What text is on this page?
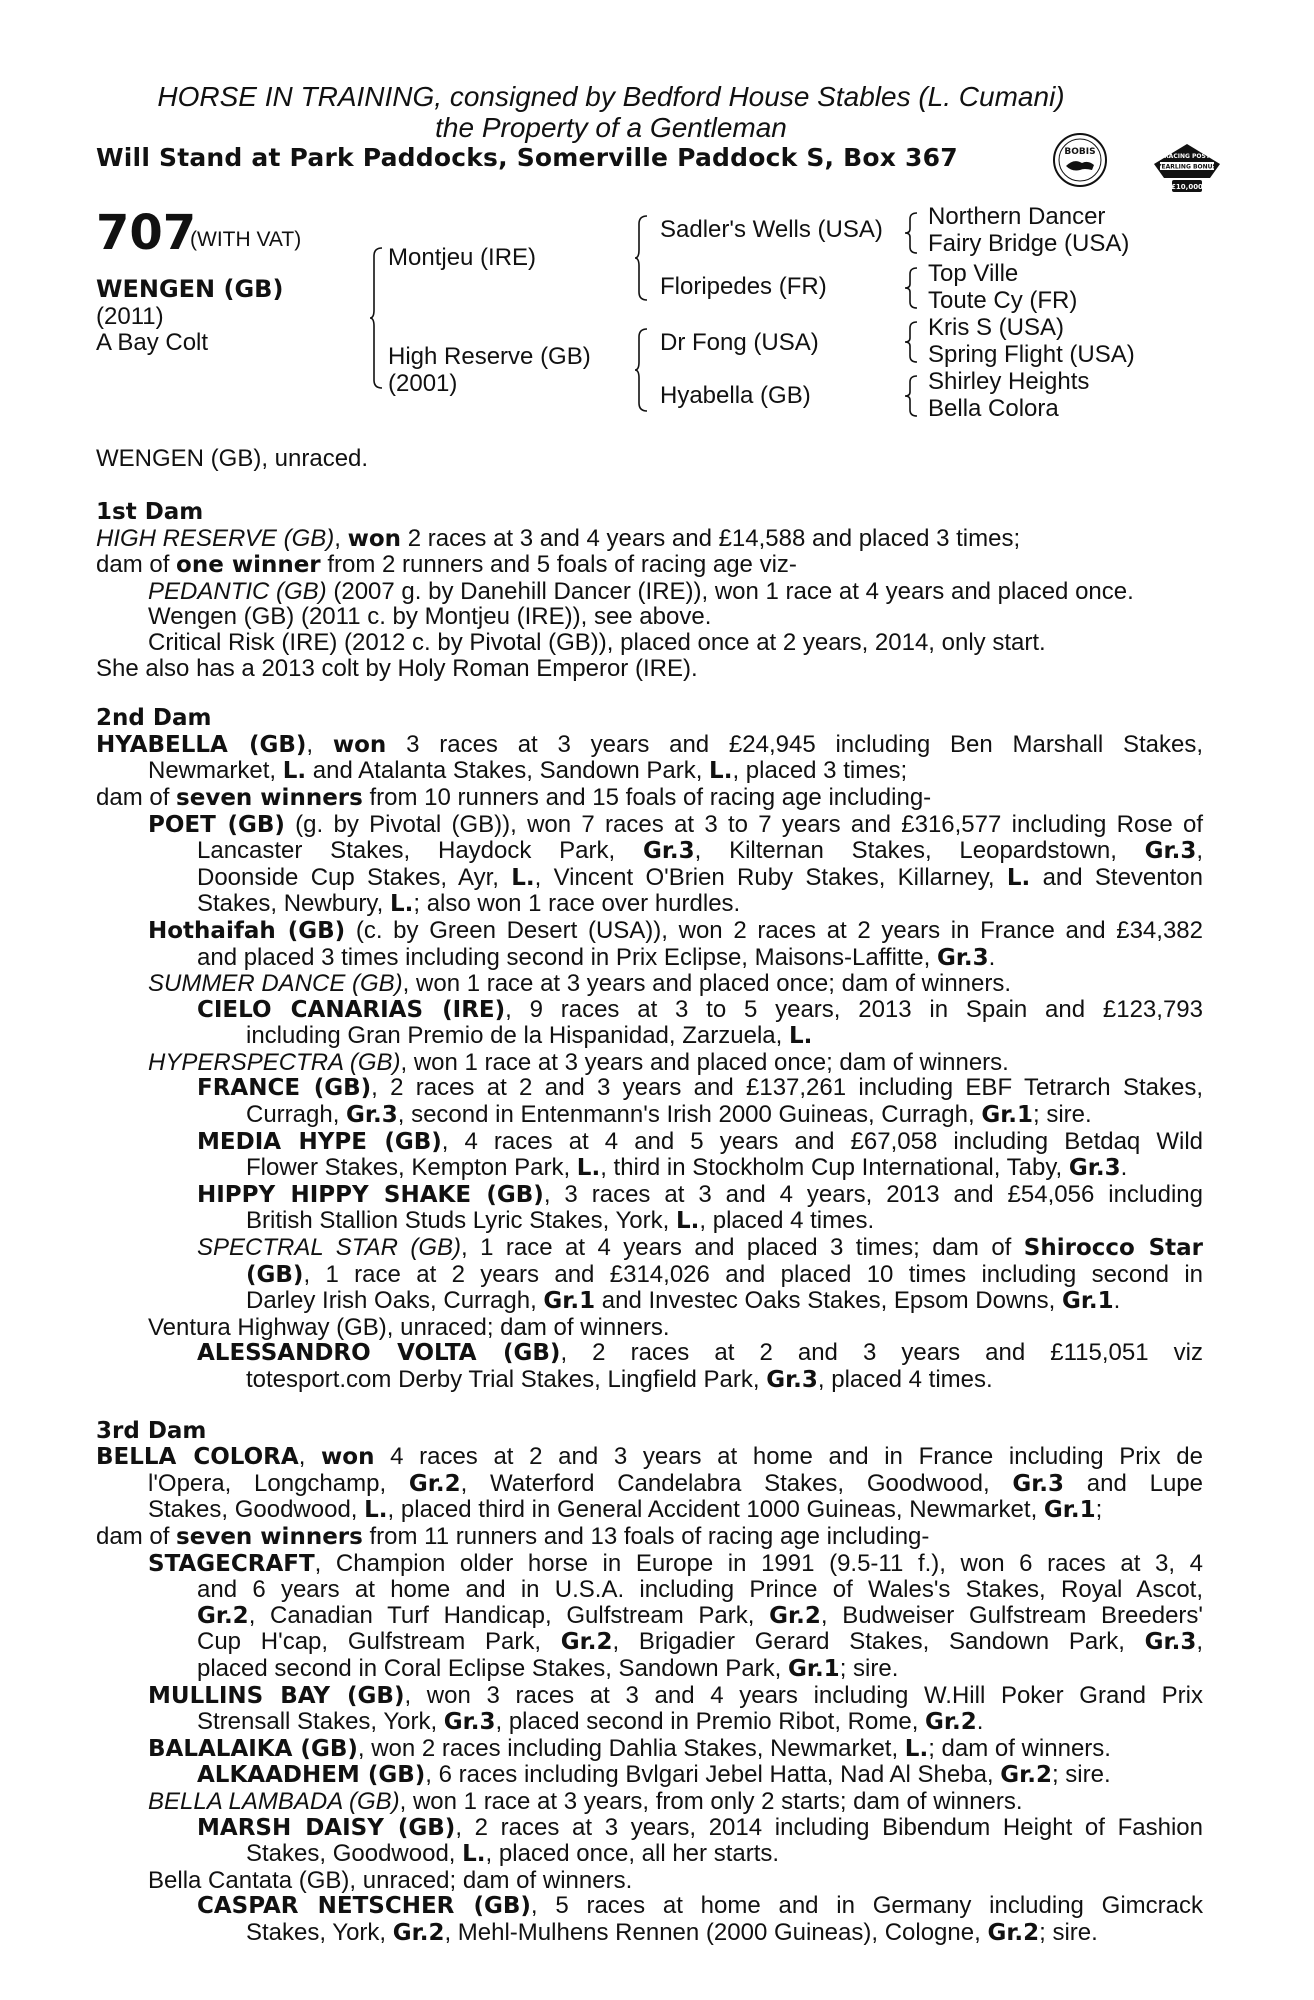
HORSE IN TRAINING, consigned by Bedford House Stables (L. Cumani)
the Property of a Gentleman
Will Stand at Park Paddocks, Somerville Paddock S, Box 367	BOBIS	RACING POST
YEARLING BONUS
£10,000
707
(WITH VAT)
WENGEN (GB)
(2011)
A Bay Colt
Montjeu (IRE)
High Reserve (GB)
(2001)
Sadler's Wells (USA)
Floripedes (FR)
Dr Fong (USA)
Hyabella (GB)
Northern Dancer
Fairy Bridge (USA)
Top Ville
Toute Cy (FR)
Kris S (USA)
Spring Flight (USA)
Shirley Heights
Bella Colora
WENGEN (GB), unraced.
1st Dam
HIGH RESERVE (GB), won 2 races at 3 and 4 years and £14,588 and placed 3 times;
dam of one winner from 2 runners and 5 foals of racing age viz-
PEDANTIC (GB) (2007 g. by Danehill Dancer (IRE)), won 1 race at 4 years and placed once.
Wengen (GB) (2011 c. by Montjeu (IRE)), see above.
Critical Risk (IRE) (2012 c. by Pivotal (GB)), placed once at 2 years, 2014, only start.
She also has a 2013 colt by Holy Roman Emperor (IRE).
2nd Dam
HYABELLA (GB), won 3 races at 3 years and £24,945 including Ben Marshall Stakes,
Newmarket, L. and Atalanta Stakes, Sandown Park, L., placed 3 times;
dam of seven winners from 10 runners and 15 foals of racing age including-
POET (GB) (g. by Pivotal (GB)), won 7 races at 3 to 7 years and £316,577 including Rose of
Lancaster Stakes, Haydock Park, Gr.3, Kilternan Stakes, Leopardstown, Gr.3,
Doonside Cup Stakes, Ayr, L., Vincent O'Brien Ruby Stakes, Killarney, L. and Steventon
Stakes, Newbury, L.; also won 1 race over hurdles.
Hothaifah (GB) (c. by Green Desert (USA)), won 2 races at 2 years in France and £34,382
and placed 3 times including second in Prix Eclipse, Maisons-Laffitte, Gr.3.
SUMMER DANCE (GB), won 1 race at 3 years and placed once; dam of winners.
CIELO CANARIAS (IRE), 9 races at 3 to 5 years, 2013 in Spain and £123,793
including Gran Premio de la Hispanidad, Zarzuela, L.
HYPERSPECTRA (GB), won 1 race at 3 years and placed once; dam of winners.
FRANCE (GB), 2 races at 2 and 3 years and £137,261 including EBF Tetrarch Stakes,
Curragh, Gr.3, second in Entenmann's Irish 2000 Guineas, Curragh, Gr.1; sire.
MEDIA HYPE (GB), 4 races at 4 and 5 years and £67,058 including Betdaq Wild
Flower Stakes, Kempton Park, L., third in Stockholm Cup International, Taby, Gr.3.
HIPPY HIPPY SHAKE (GB), 3 races at 3 and 4 years, 2013 and £54,056 including
British Stallion Studs Lyric Stakes, York, L., placed 4 times.
SPECTRAL STAR (GB), 1 race at 4 years and placed 3 times; dam of Shirocco Star
(GB), 1 race at 2 years and £314,026 and placed 10 times including second in
Darley Irish Oaks, Curragh, Gr.1 and Investec Oaks Stakes, Epsom Downs, Gr.1.
Ventura Highway (GB), unraced; dam of winners.
ALESSANDRO VOLTA (GB), 2 races at 2 and 3 years and £115,051 viz
totesport.com Derby Trial Stakes, Lingfield Park, Gr.3, placed 4 times.
3rd Dam
BELLA COLORA, won 4 races at 2 and 3 years at home and in France including Prix de
l'Opera, Longchamp, Gr.2, Waterford Candelabra Stakes, Goodwood, Gr.3 and Lupe
Stakes, Goodwood, L., placed third in General Accident 1000 Guineas, Newmarket, Gr.1;
dam of seven winners from 11 runners and 13 foals of racing age including-
STAGECRAFT, Champion older horse in Europe in 1991 (9.5-11 f.), won 6 races at 3, 4
and 6 years at home and in U.S.A. including Prince of Wales's Stakes, Royal Ascot,
Gr.2, Canadian Turf Handicap, Gulfstream Park, Gr.2, Budweiser Gulfstream Breeders'
Cup H'cap, Gulfstream Park, Gr.2, Brigadier Gerard Stakes, Sandown Park, Gr.3,
placed second in Coral Eclipse Stakes, Sandown Park, Gr.1; sire.
MULLINS BAY (GB), won 3 races at 3 and 4 years including W.Hill Poker Grand Prix
Strensall Stakes, York, Gr.3, placed second in Premio Ribot, Rome, Gr.2.
BALALAIKA (GB), won 2 races including Dahlia Stakes, Newmarket, L.; dam of winners.
ALKAADHEM (GB), 6 races including Bvlgari Jebel Hatta, Nad Al Sheba, Gr.2; sire.
BELLA LAMBADA (GB), won 1 race at 3 years, from only 2 starts; dam of winners.
MARSH DAISY (GB), 2 races at 3 years, 2014 including Bibendum Height of Fashion
Stakes, Goodwood, L., placed once, all her starts.
Bella Cantata (GB), unraced; dam of winners.
CASPAR NETSCHER (GB), 5 races at home and in Germany including Gimcrack
Stakes, York, Gr.2, Mehl-Mulhens Rennen (2000 Guineas), Cologne, Gr.2; sire.
